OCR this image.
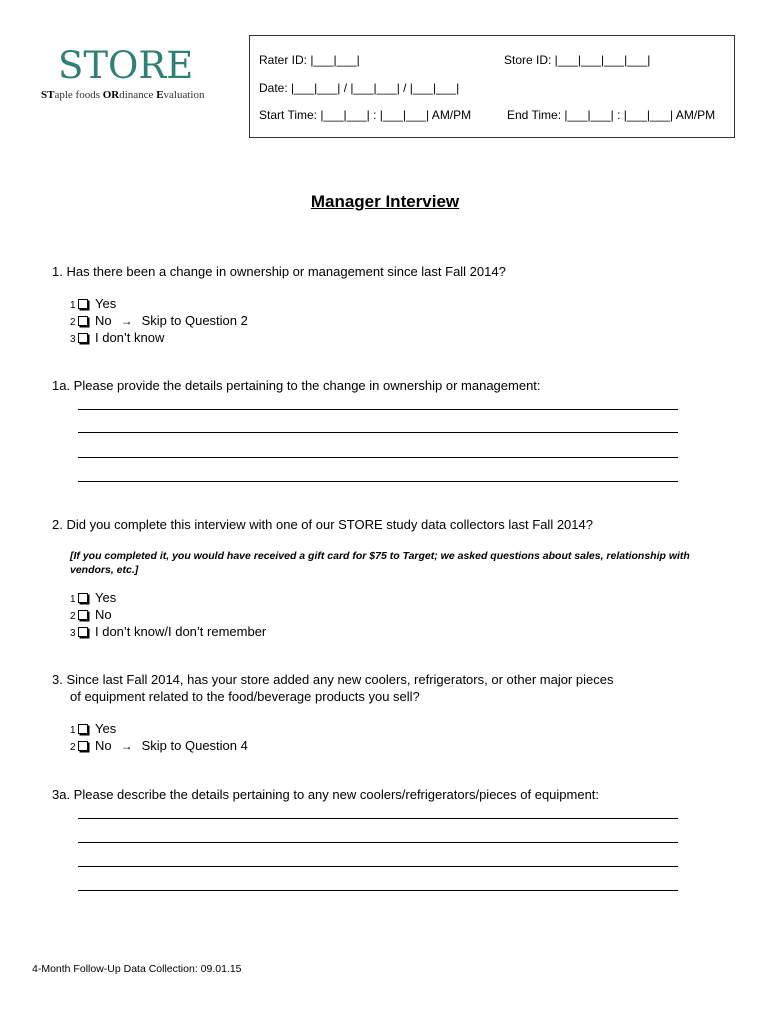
STORE
STaple foods ORdinance Evaluation
Rater ID: |___|___|	Store ID: |___|___|___|___|
Date: |___|___| / |___|___| / |___|___|
Start Time: |___|___| : |___|___| AM/PM	End Time: |___|___| : |___|___| AM/PM
Manager Interview
1. Has there been a change in ownership or management since last Fall 2014?
1 Yes
2 No → Skip to Question 2
3 I don’t know
1a. Please provide the details pertaining to the change in ownership or management:
2. Did you complete this interview with one of our STORE study data collectors last Fall 2014?
[If you completed it, you would have received a gift card for $75 to Target; we asked questions about sales, relationship with vendors, etc.]
1 Yes
2 No
3 I don’t know/I don’t remember
3. Since last Fall 2014, has your store added any new coolers, refrigerators, or other major pieces
of equipment related to the food/beverage products you sell?
1 Yes
2 No → Skip to Question 4
3a. Please describe the details pertaining to any new coolers/refrigerators/pieces of equipment:
4-Month Follow-Up Data Collection: 09.01.15
